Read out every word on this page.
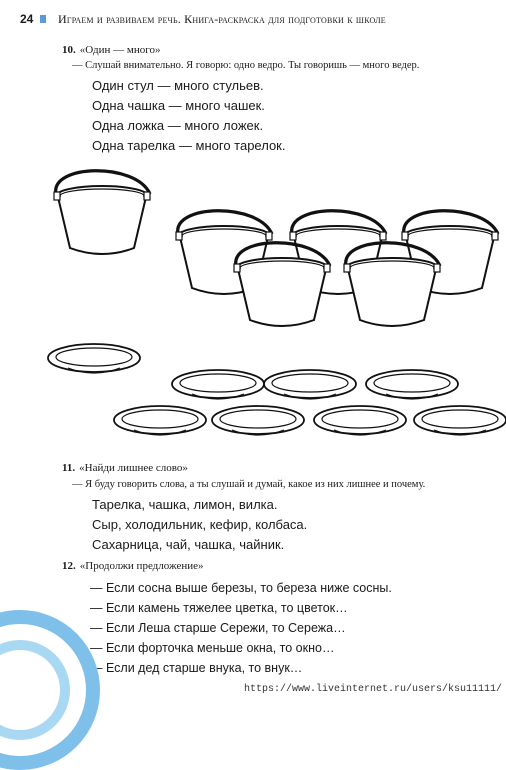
24 Играем и развиваем речь. Книга-раскраска для подготовки к школе
10. «Один — много»
— Слушай внимательно. Я говорю: одно ведро. Ты говоришь — много ведер.
Один стул — много стульев.
Одна чашка — много чашек.
Одна ложка — много ложек.
Одна тарелка — много тарелок.
11. «Найди лишнее слово»
— Я буду говорить слова, а ты слушай и думай, какое из них лишнее и почему.
Тарелка, чашка, лимон, вилка.
Сыр, холодильник, кефир, колбаса.
Сахарница, чай, чашка, чайник.
12. «Продолжи предложение»
— Если сосна выше березы, то береза ниже сосны.
— Если камень тяжелее цветка, то цветок…
— Если Леша старше Сережи, то Сережа…
— Если форточка меньше окна, то окно…
— Если дед старше внука, то внук…
https://www.liveinternet.ru/users/ksu11111/
